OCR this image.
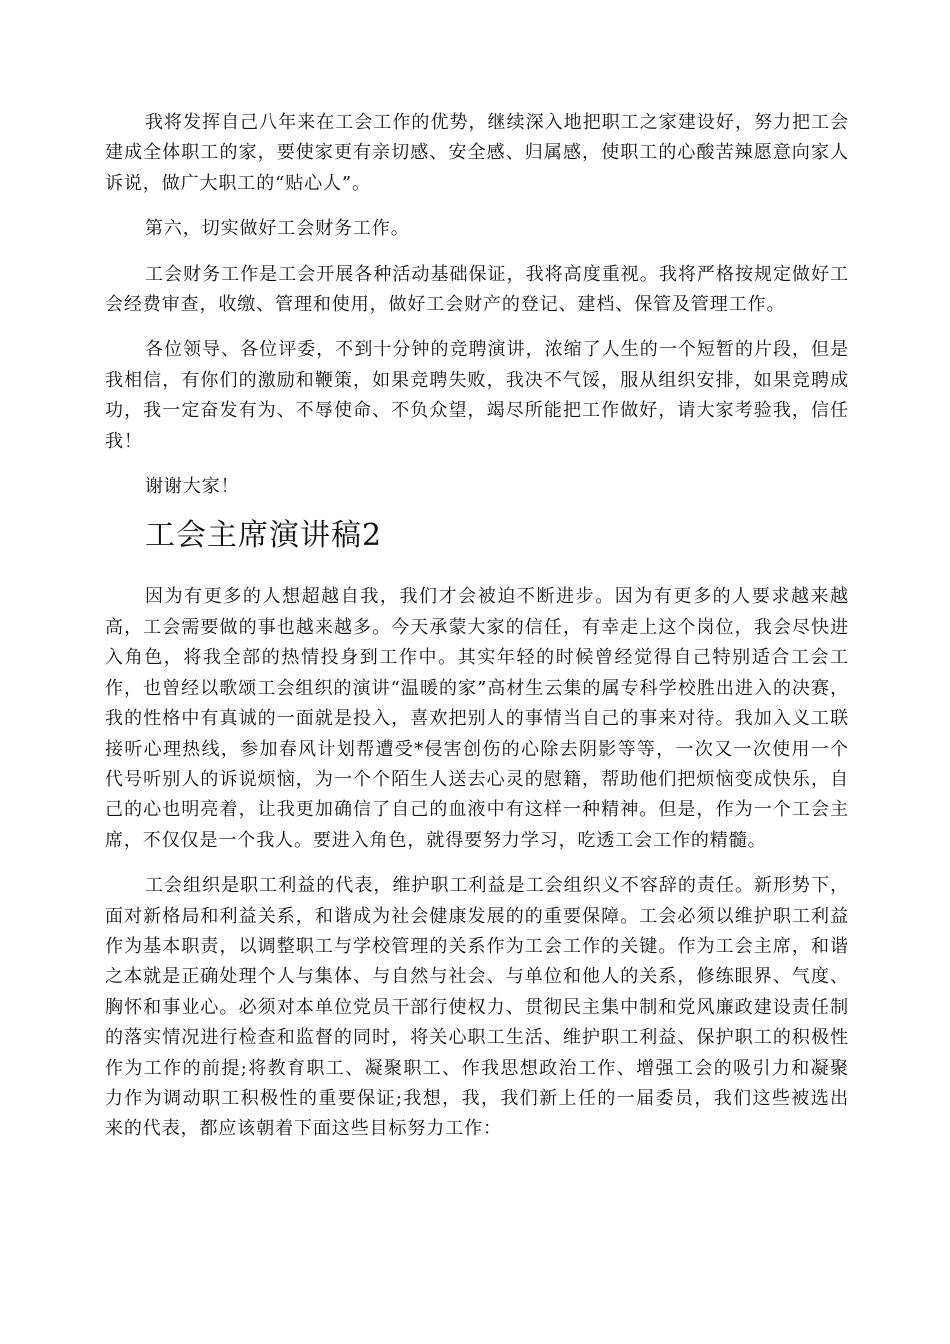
我将发挥自己八年来在工会工作的优势，继续深入地把职工之家建设好，努力把工会建成全体职工的家，要使家更有亲切感、安全感、归属感，使职工的心酸苦辣愿意向家人诉说，做广大职工的“贴心人”。

第六，切实做好工会财务工作。

工会财务工作是工会开展各种活动基础保证，我将高度重视。我将严格按规定做好工会经费审查，收缴、管理和使用，做好工会财产的登记、建档、保管及管理工作。

各位领导、各位评委，不到十分钟的竞聘演讲，浓缩了人生的一个短暂的片段，但是我相信，有你们的激励和鞭策，如果竞聘失败，我决不气馁，服从组织安排，如果竞聘成功，我一定奋发有为、不辱使命、不负众望，竭尽所能把工作做好，请大家考验我，信任我！

谢谢大家！

工会主席演讲稿2

因为有更多的人想超越自我，我们才会被迫不断进步。因为有更多的人要求越来越高，工会需要做的事也越来越多。今天承蒙大家的信任，有幸走上这个岗位，我会尽快进入角色，将我全部的热情投身到工作中。其实年轻的时候曾经觉得自己特别适合工会工作，也曾经以歌颂工会组织的演讲“温暖的家”高材生云集的属专科学校胜出进入的决赛，我的性格中有真诚的一面就是投入，喜欢把别人的事情当自己的事来对待。我加入义工联接听心理热线，参加春风计划帮遭受*侵害创伤的心除去阴影等等，一次又一次使用一个代号听别人的诉说烦恼，为一个个陌生人送去心灵的慰籍，帮助他们把烦恼变成快乐，自己的心也明亮着，让我更加确信了自己的血液中有这样一种精神。但是，作为一个工会主席，不仅仅是一个我人。要进入角色，就得要努力学习，吃透工会工作的精髓。

工会组织是职工利益的代表，维护职工利益是工会组织义不容辞的责任。新形势下，面对新格局和利益关系，和谐成为社会健康发展的的重要保障。工会必须以维护职工利益作为基本职责，以调整职工与学校管理的关系作为工会工作的关键。作为工会主席，和谐之本就是正确处理个人与集体、与自然与社会、与单位和他人的关系，修练眼界、气度、胸怀和事业心。必须对本单位党员干部行使权力、贯彻民主集中制和党风廉政建设责任制的落实情况进行检查和监督的同时，将关心职工生活、维护职工利益、保护职工的积极性作为工作的前提;将教育职工、凝聚职工、作我思想政治工作、增强工会的吸引力和凝聚力作为调动职工积极性的重要保证;我想，我，我们新上任的一届委员，我们这些被选出来的代表，都应该朝着下面这些目标努力工作：
